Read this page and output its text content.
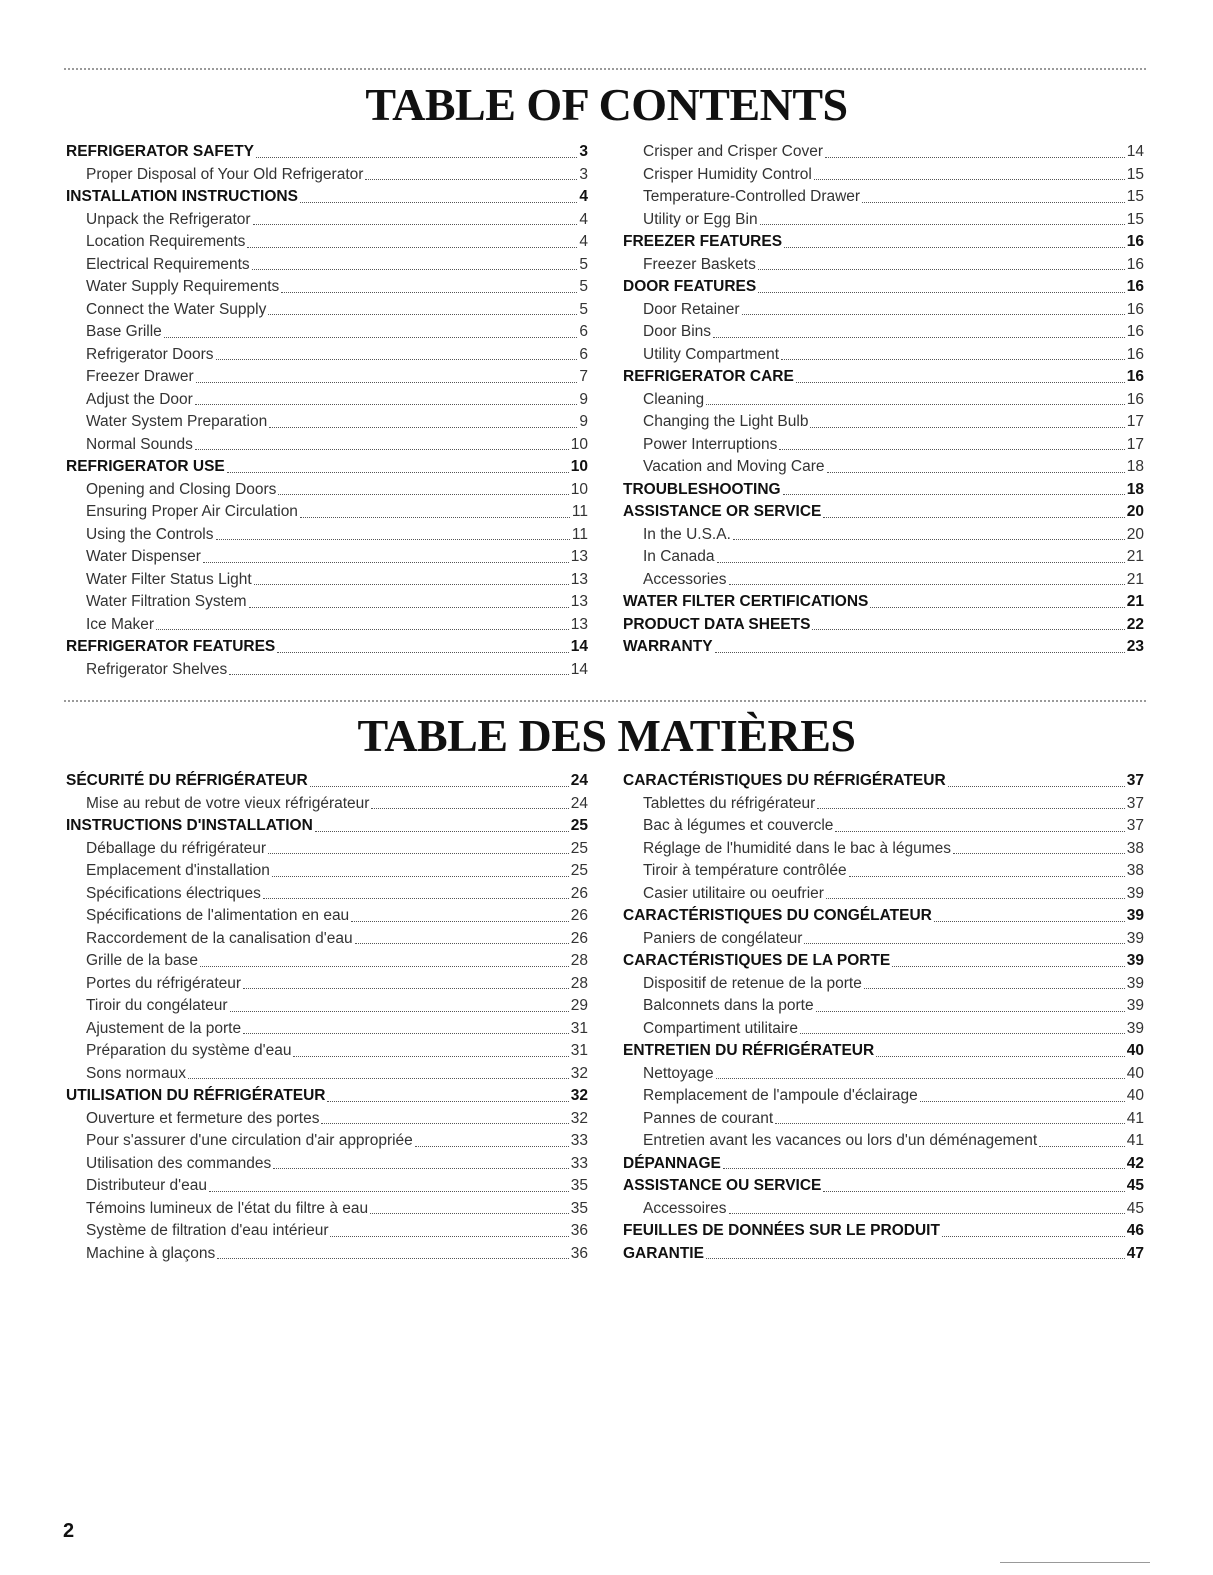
TABLE OF CONTENTS
REFRIGERATOR SAFETY	3
Proper Disposal of Your Old Refrigerator	3
INSTALLATION INSTRUCTIONS	4
Unpack the Refrigerator	4
Location Requirements	4
Electrical Requirements	5
Water Supply Requirements	5
Connect the Water Supply	5
Base Grille	6
Refrigerator Doors	6
Freezer Drawer	7
Adjust the Door	9
Water System Preparation	9
Normal Sounds	10
REFRIGERATOR USE	10
Opening and Closing Doors	10
Ensuring Proper Air Circulation	11
Using the Controls	11
Water Dispenser	13
Water Filter Status Light	13
Water Filtration System	13
Ice Maker	13
REFRIGERATOR FEATURES	14
Refrigerator Shelves	14
Crisper and Crisper Cover	14
Crisper Humidity Control	15
Temperature-Controlled Drawer	15
Utility or Egg Bin	15
FREEZER FEATURES	16
Freezer Baskets	16
DOOR FEATURES	16
Door Retainer	16
Door Bins	16
Utility Compartment	16
REFRIGERATOR CARE	16
Cleaning	16
Changing the Light Bulb	17
Power Interruptions	17
Vacation and Moving Care	18
TROUBLESHOOTING	18
ASSISTANCE OR SERVICE	20
In the U.S.A.	20
In Canada	21
Accessories	21
WATER FILTER CERTIFICATIONS	21
PRODUCT DATA SHEETS	22
WARRANTY	23
TABLE DES MATIÈRES
SÉCURITÉ DU RÉFRIGÉRATEUR	24
Mise au rebut de votre vieux réfrigérateur	24
INSTRUCTIONS D'INSTALLATION	25
Déballage du réfrigérateur	25
Emplacement d'installation	25
Spécifications électriques	26
Spécifications de l'alimentation en eau	26
Raccordement de la canalisation d'eau	26
Grille de la base	28
Portes du réfrigérateur	28
Tiroir du congélateur	29
Ajustement de la porte	31
Préparation du système d'eau	31
Sons normaux	32
UTILISATION DU RÉFRIGÉRATEUR	32
Ouverture et fermeture des portes	32
Pour s'assurer d'une circulation d'air appropriée	33
Utilisation des commandes	33
Distributeur d'eau	35
Témoins lumineux de l'état du filtre à eau	35
Système de filtration d'eau intérieur	36
Machine à glaçons	36
CARACTÉRISTIQUES DU RÉFRIGÉRATEUR	37
Tablettes du réfrigérateur	37
Bac à légumes et couvercle	37
Réglage de l'humidité dans le bac à légumes	38
Tiroir à température contrôlée	38
Casier utilitaire ou oeufrier	39
CARACTÉRISTIQUES DU CONGÉLATEUR	39
Paniers de congélateur	39
CARACTÉRISTIQUES DE LA PORTE	39
Dispositif de retenue de la porte	39
Balconnets dans la porte	39
Compartiment utilitaire	39
ENTRETIEN DU RÉFRIGÉRATEUR	40
Nettoyage	40
Remplacement de l'ampoule d'éclairage	40
Pannes de courant	41
Entretien avant les vacances ou lors d'un déménagement	41
DÉPANNAGE	42
ASSISTANCE OU SERVICE	45
Accessoires	45
FEUILLES DE DONNÉES SUR LE PRODUIT	46
GARANTIE	47
2
